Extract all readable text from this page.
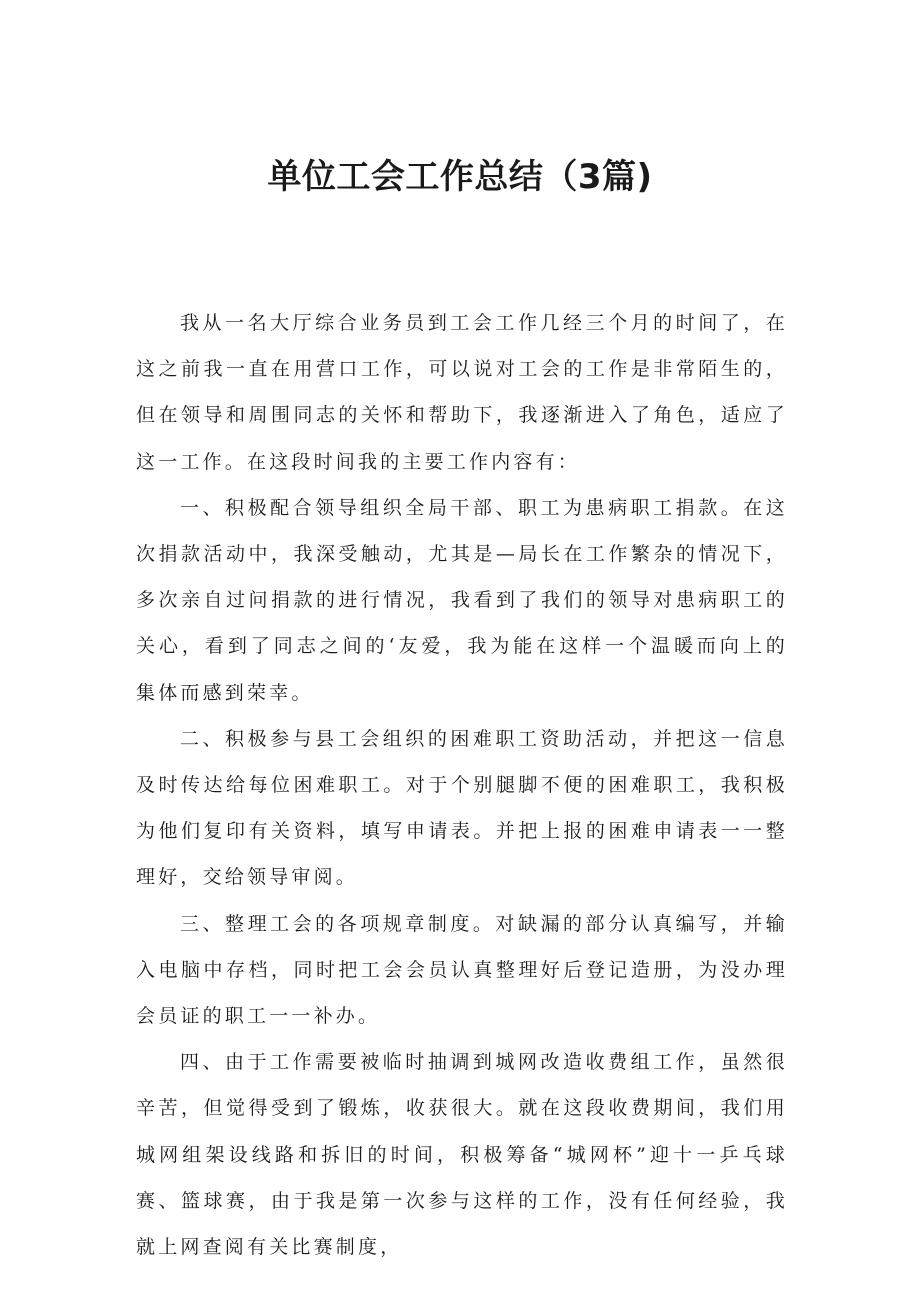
单位工会工作总结（3篇)

我从一名大厅综合业务员到工会工作几经三个月的时间了，在这之前我一直在用营口工作，可以说对工会的工作是非常陌生的，但在领导和周围同志的关怀和帮助下，我逐渐进入了角色，适应了这一工作。在这段时间我的主要工作内容有：

一、积极配合领导组织全局干部、职工为患病职工捐款。在这次捐款活动中，我深受触动，尤其是—局长在工作繁杂的情况下，多次亲自过问捐款的进行情况，我看到了我们的领导对患病职工的关心，看到了同志之间的‘友爱，我为能在这样一个温暖而向上的集体而感到荣幸。

二、积极参与县工会组织的困难职工资助活动，并把这一信息及时传达给每位困难职工。对于个别腿脚不便的困难职工，我积极为他们复印有关资料，填写申请表。并把上报的困难申请表一一整理好，交给领导审阅。

三、整理工会的各项规章制度。对缺漏的部分认真编写，并输入电脑中存档，同时把工会会员认真整理好后登记造册，为没办理会员证的职工一一补办。

四、由于工作需要被临时抽调到城网改造收费组工作，虽然很辛苦，但觉得受到了锻炼，收获很大。就在这段收费期间，我们用城网组架设线路和拆旧的时间，积极筹备“城网杯”迎十一乒乓球赛、篮球赛，由于我是第一次参与这样的工作，没有任何经验，我就上网查阅有关比赛制度，
